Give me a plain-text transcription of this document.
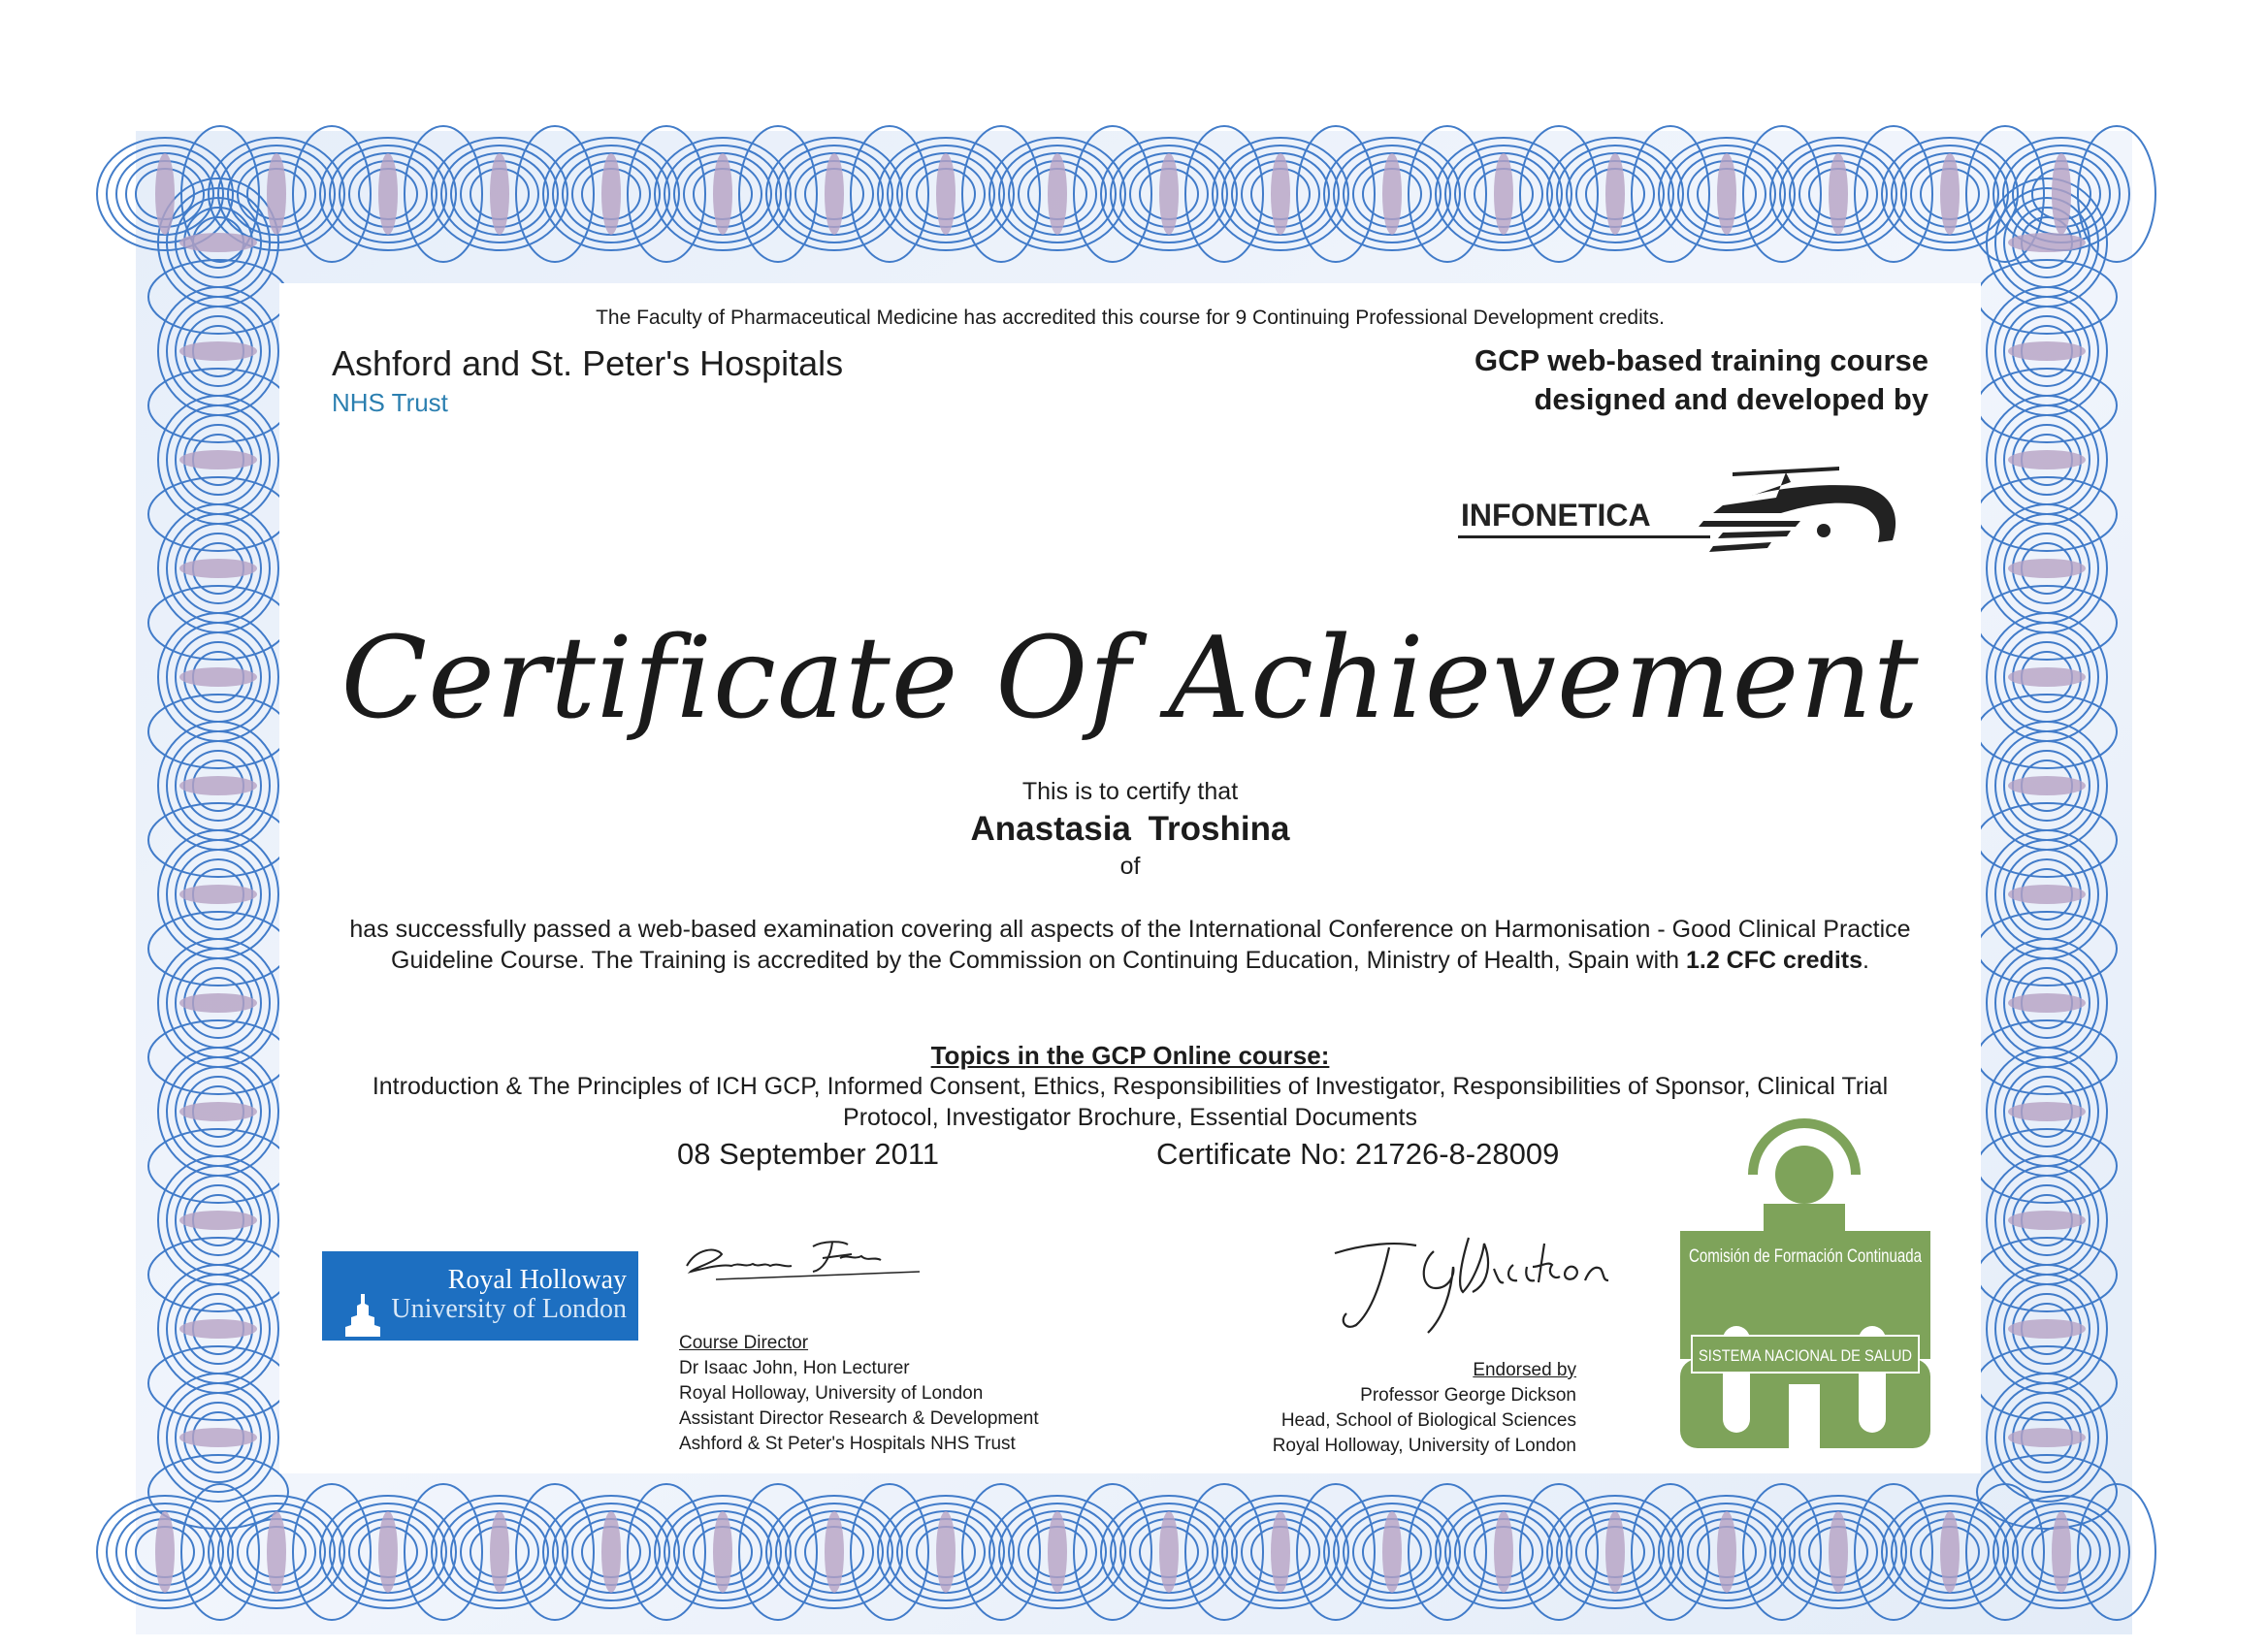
The Faculty of Pharmaceutical Medicine has accredited this course for 9 Continuing Professional Development credits.
Ashford and St. Peter's Hospitals
NHS Trust
GCP web-based training course
designed and developed by
INFONETICA
Certificate Of Achievement
This is to certify that
Anastasia Troshina
of
has successfully passed a web-based examination covering all aspects of the International Conference on Harmonisation - Good Clinical Practice Guideline Course. The Training is accredited by the Commission on Continuing Education, Ministry of Health, Spain with 1.2 CFC credits.
Topics in the GCP Online course:
Introduction & The Principles of ICH GCP, Informed Consent, Ethics, Responsibilities of Investigator, Responsibilities of Sponsor, Clinical Trial Protocol, Investigator Brochure, Essential Documents
08 September 2011	Certificate No: 21726-8-28009
Royal Holloway
University of London
Course Director
Dr Isaac John, Hon Lecturer
Royal Holloway, University of London
Assistant Director Research & Development
Ashford & St Peter's Hospitals NHS Trust
Endorsed by
Professor George Dickson
Head, School of Biological Sciences
Royal Holloway, University of London
Comisión de Formación Continuada
SISTEMA NACIONAL DE SALUD
